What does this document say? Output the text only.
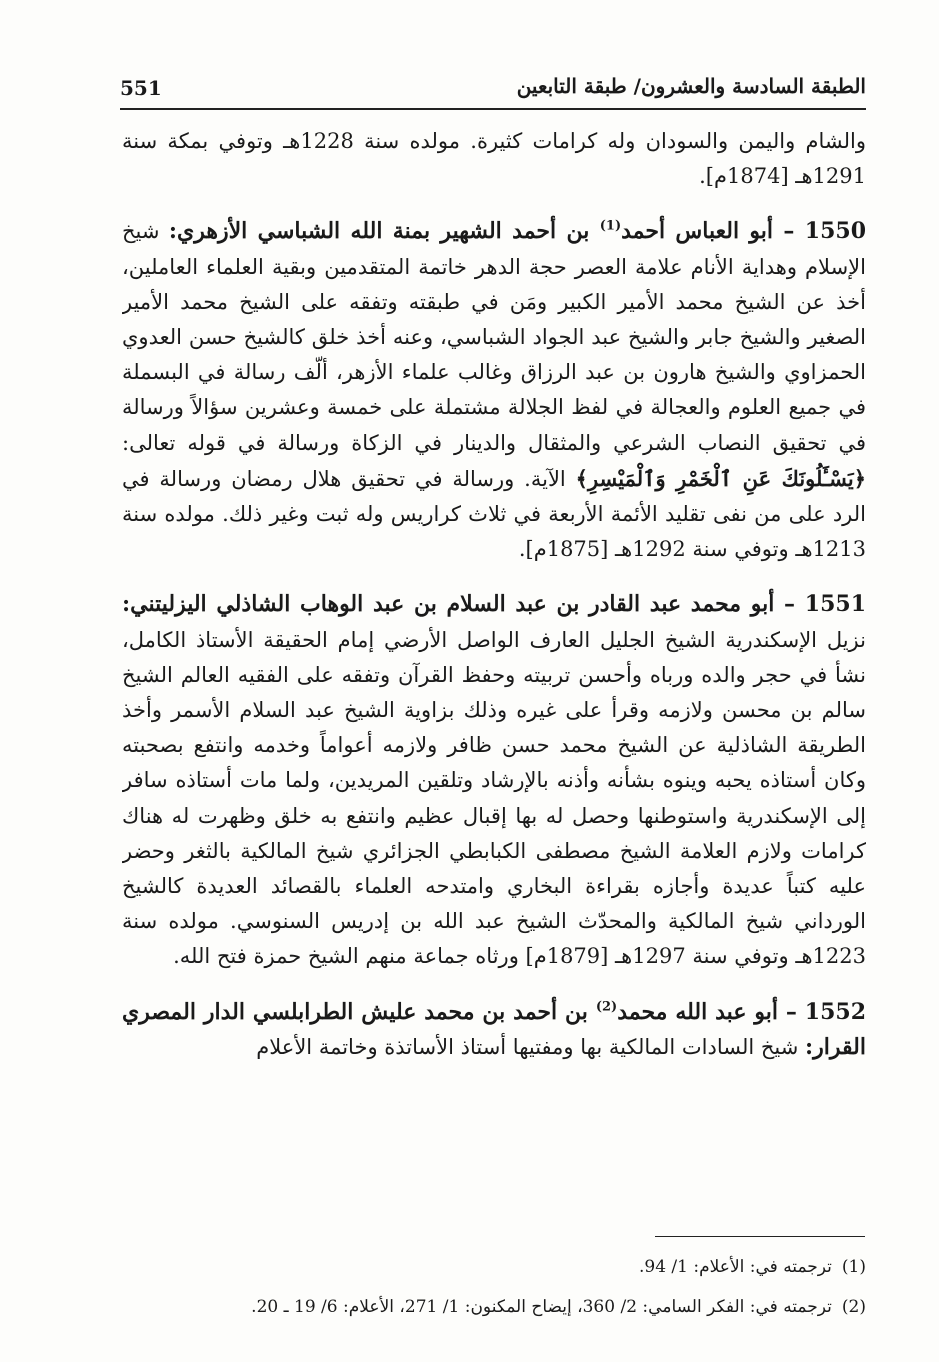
551	الطبقة السادسة والعشرون/ طبقة التابعين

والشام واليمن والسودان وله كرامات كثيرة. مولده سنة 1228هـ وتوفي بمكة سنة 1291هـ [1874م].

1550 – أبو العباس أحمد$^{(1)}$ بن أحمد الشهير بمنة الله الشباسي الأزهري: شيخ الإسلام وهداية الأنام علامة العصر حجة الدهر خاتمة المتقدمين وبقية العلماء العاملين، أخذ عن الشيخ محمد الأمير الكبير ومَن في طبقته وتفقه على الشيخ محمد الأمير الصغير والشيخ جابر والشيخ عبد الجواد الشباسي، وعنه أخذ خلق كالشيخ حسن العدوي الحمزاوي والشيخ هارون بن عبد الرزاق وغالب علماء الأزهر، ألّف رسالة في البسملة في جميع العلوم والعجالة في لفظ الجلالة مشتملة على خمسة وعشرين سؤالاً ورسالة في تحقيق النصاب الشرعي والمثقال والدينار في الزكاة ورسالة في قوله تعالى: ﴿يَسْـَٔلُونَكَ عَنِ ٱلْخَمْرِ وَٱلْمَيْسِرِ﴾ الآية. ورسالة في تحقيق هلال رمضان ورسالة في الرد على من نفى تقليد الأئمة الأربعة في ثلاث كراريس وله ثبت وغير ذلك. مولده سنة 1213هـ وتوفي سنة 1292هـ [1875م].

1551 – أبو محمد عبد القادر بن عبد السلام بن عبد الوهاب الشاذلي اليزليتني: نزيل الإسكندرية الشيخ الجليل العارف الواصل الأرضي إمام الحقيقة الأستاذ الكامل، نشأ في حجر والده ورباه وأحسن تربيته وحفظ القرآن وتفقه على الفقيه العالم الشيخ سالم بن محسن ولازمه وقرأ على غيره وذلك بزاوية الشيخ عبد السلام الأسمر وأخذ الطريقة الشاذلية عن الشيخ محمد حسن ظافر ولازمه أعواماً وخدمه وانتفع بصحبته وكان أستاذه يحبه وينوه بشأنه وأذنه بالإرشاد وتلقين المريدين، ولما مات أستاذه سافر إلى الإسكندرية واستوطنها وحصل له بها إقبال عظيم وانتفع به خلق وظهرت له هناك كرامات ولازم العلامة الشيخ مصطفى الكبابطي الجزائري شيخ المالكية بالثغر وحضر عليه كتباً عديدة وأجازه بقراءة البخاري وامتدحه العلماء بالقصائد العديدة كالشيخ الورداني شيخ المالكية والمحدّث الشيخ عبد الله بن إدريس السنوسي. مولده سنة 1223هـ وتوفي سنة 1297هـ [1879م] ورثاه جماعة منهم الشيخ حمزة فتح الله.

1552 – أبو عبد الله محمد$^{(2)}$ بن أحمد بن محمد عليش الطرابلسي الدار المصري القرار: شيخ السادات المالكية بها ومفتيها أستاذ الأساتذة وخاتمة الأعلام

(1)ترجمته في: الأعلام: 1/ 94.
(2)ترجمته في: الفكر السامي: 2/ 360، إيضاح المكنون: 1/ 271، الأعلام: 6/ 19 ـ 20.
